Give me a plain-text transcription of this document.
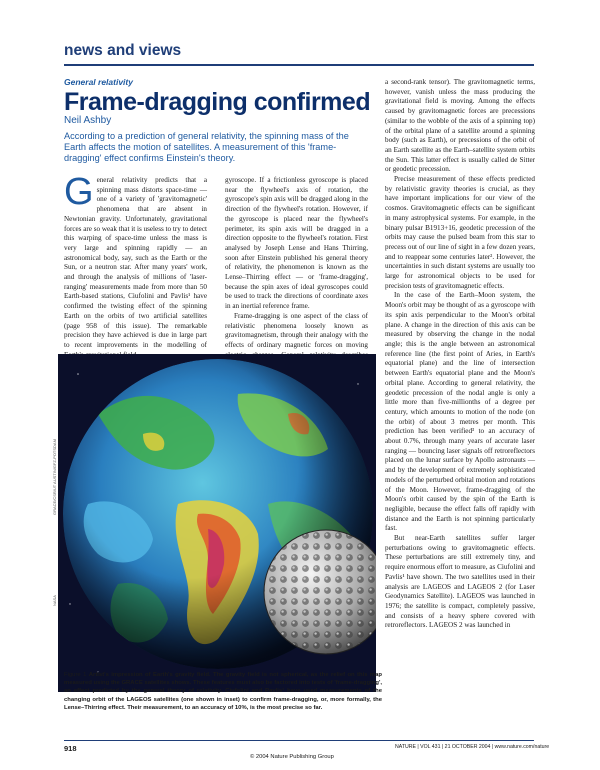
news and views
General relativity
Frame-dragging confirmed
Neil Ashby
According to a prediction of general relativity, the spinning mass of the Earth affects the motion of satellites. A measurement of this 'frame-dragging' effect confirms Einstein's theory.

General relativity predicts that a spinning mass distorts space-time — one of a variety of 'gravitomagnetic' phenomena that are absent in Newtonian gravity. Unfortunately, gravitational forces are so weak that it is useless to try to detect this warping of space-time unless the mass is very large and spinning rapidly — an astronomical body, say, such as the Earth or the Sun, or a neutron star. After many years' work, and through the analysis of millions of 'laser-ranging' measurements made from more than 50 Earth-based stations, Ciufolini and Pavlis¹ have confirmed the twisting effect of the spinning Earth on the orbits of two artificial satellites (page 958 of this issue). The remarkable precision they have achieved is due in large part to recent improvements in the modelling of

gyroscope. If a frictionless gyroscope is placed near the flywheel's axis of rotation, the gyroscope's spin axis will be dragged along in the direction of the flywheel's rotation. However, if the gyroscope is placed near the flywheel's perimeter, its spin axis will be dragged in a direction opposite to the flywheel's rotation. First analysed by Joseph Lense and Hans Thirring, soon after Einstein published his general theory of relativity, the phenomenon is known as the Lense–Thirring effect — or 'frame-dragging', because the spin axes of ideal gyroscopes could be used to track the directions of coordinate axes in an inertial reference frame.

Frame-dragging is one aspect of the class of relativistic phenomena loosely known as gravitomagnetism, through their analogy with the effects of ordinary magnetic forces on moving

a second-rank tensor). The gravitomagnetic terms, however, vanish unless the mass producing the gravitational field is moving. Among the effects caused by gravitomagnetic forces are precessions (similar to the wobble of the axis of a spinning top) of the orbital plane of a satellite around a spinning body (such as Earth), or precessions of the orbit of an Earth satellite as the Earth–satellite system orbits the Sun. This latter effect is usually called de Sitter or geodetic precession.

Precise measurement of these effects predicted by relativistic gravity theories is crucial, as they have important implications for our view of the cosmos. Gravitomagnetic effects can be significant in many astrophysical systems. For example, in the binary pulsar B1913+16, geodetic precession of the orbits may cause the pulsed beam from this star to precess out of our line of sight in a few dozen years, and to reappear some centuries later². However, the uncertainties in such distant systems are usually too large for astronomical objects to be used for precision tests of gravitomagnetic effects.

In the case of the Earth–Moon system, the Moon's orbit may be thought of as a gyroscope with its spin axis perpendicular to the Moon's orbital plane. A change in the direction of this axis can be measured by observing the change in the nodal angle; this is the angle between an astronomical reference line (the first point of Aries, in Earth's equatorial plane) and the line of intersection between Earth's equatorial plane and the Moon's orbital plane. According to general relativity, the geodetic precession of the nodal angle is only a little more than five-millionths of a degree per century, which amounts to motion of the node (on the orbit) of about 3 metres per month. This prediction has been verified³ to an accuracy of about 0.7%, through many years of accurate laser ranging — bouncing laser signals off retroreflectors placed on the lunar surface by Apollo astronauts — and by the development of extremely sophisticated models of the perturbed orbital motion and rotations of the Moon. However, frame-dragging of the Moon's orbit caused by the spin of the Earth is negligible, because the effect falls off rapidly with distance and the Earth is not spinning particularly fast.

But near-Earth satellites suffer larger perturbations owing to gravitomagnetic effects. These perturbations are still extremely tiny, and require enormous effort to measure, as Ciufolini and Pavlis¹ have shown. The two satellites used in their analysis are LAGEOS and LAGEOS 2 (for Laser Geodynamics Satellite). LAGEOS was launched in 1976; the satellite is compact, completely passive, and consists of a heavy sphere covered with retroreflectors. LAGEOS 2 was launched in

GRACE/CSR/UT AUSTIN/GFZ-POTSDAM
NASA
Figure 1 Artist's impression of Earth's gravity field. The gravity field is not spherical, as the relief on this map measured using the GRACE satellites shows. These features must also be factored into tests of 'frame-dragging', an effect predicted by the general theory of relativity. Ciufolini and Pavlis¹ have used measurements of the changing orbit of the LAGEOS satellites (one shown in inset) to confirm frame-dragging, or, more formally, the Lense–Thirring effect. Their measurement, to an accuracy of 10%, is the most precise so far.
918	NATURE | VOL 431 | 21 OCTOBER 2004 | www.nature.com/nature
© 2004 Nature Publishing Group
